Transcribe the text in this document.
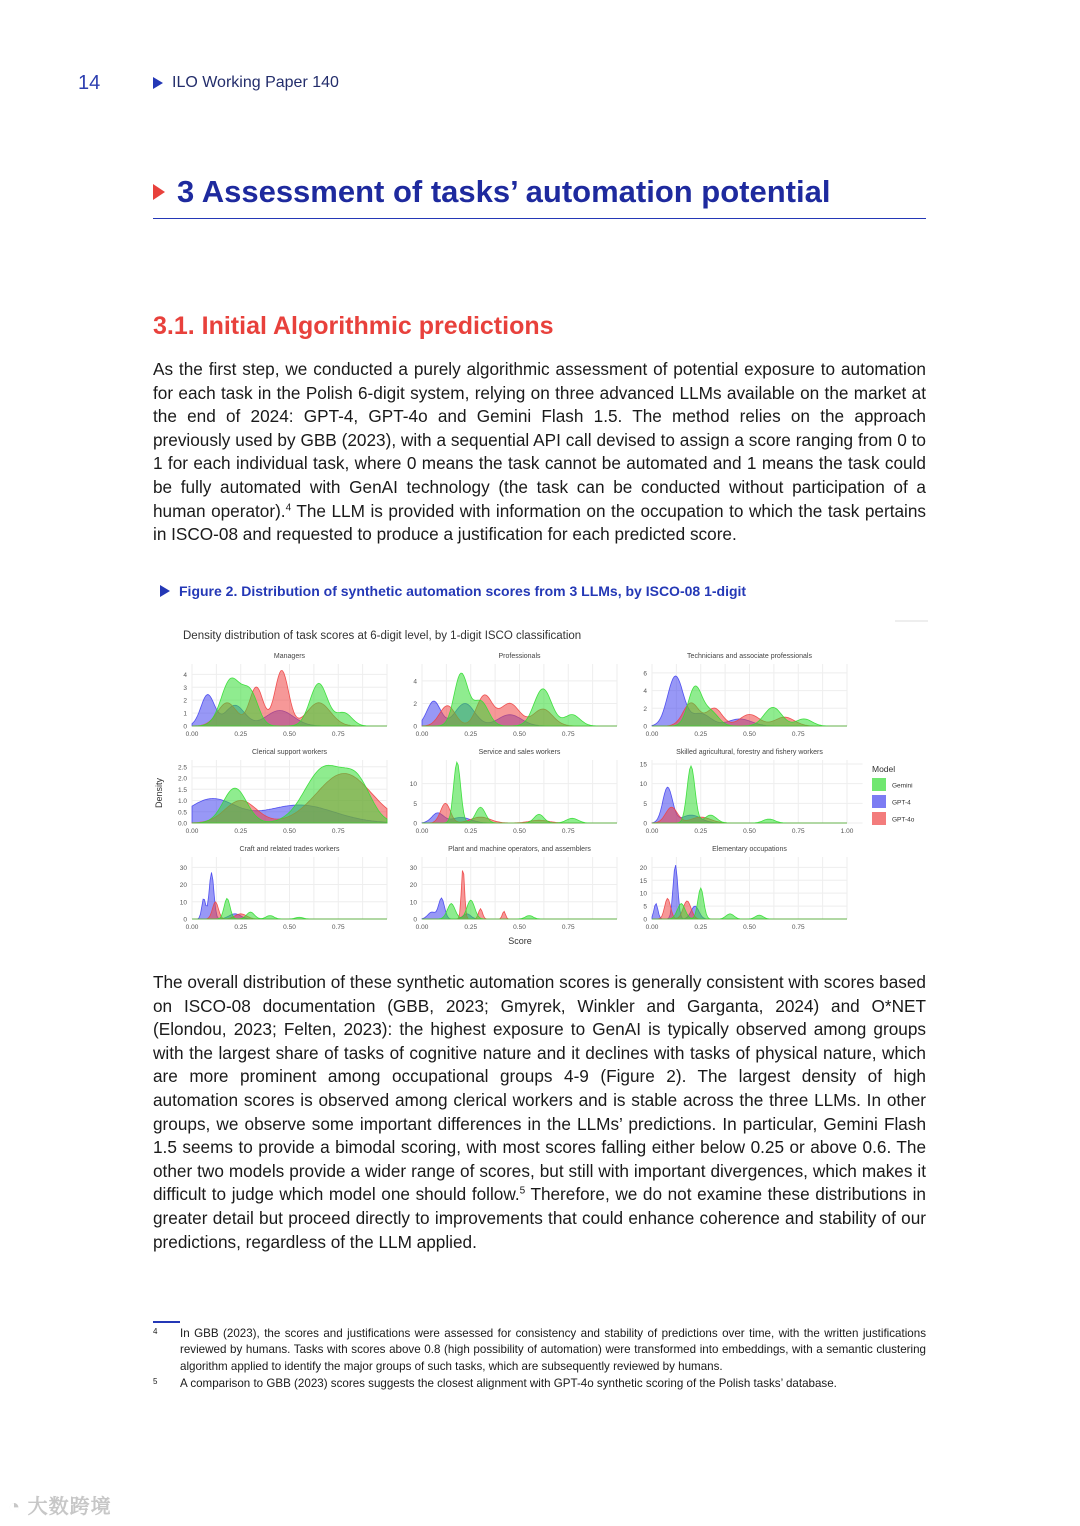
14	ILO Working Paper 140
3 Assessment of tasks’ automation potential
3.1. Initial Algorithmic predictions
As the first step, we conducted a purely algorithmic assessment of potential exposure to automation for each task in the Polish 6-digit system, relying on three advanced LLMs available on the market at the end of 2024: GPT-4, GPT-4o and Gemini Flash 1.5. The method relies on the approach previously used by GBB (2023), with a sequential API call devised to assign a score ranging from 0 to 1 for each individual task, where 0 means the task cannot be automated and 1 means the task could be fully automated with GenAI technology (the task can be conducted without participation of a human operator).$^4$ The LLM is provided with information on the occupation to which the task pertains in ISCO-08 and requested to produce a justification for each predicted score.
Figure 2. Distribution of synthetic automation scores from 3 LLMs, by ISCO-08 1-digit
Density distribution of task scores at 6-digit level, by 1-digit ISCO classification
Score
Density
Managers
0
1
2
3
4
0.00	0.25	0.50	0.75
Professionals
0
2
4
0.00	0.25	0.50	0.75
Technicians and associate professionals
0
2
4
6
0.00	0.25	0.50	0.75
Clerical support workers
0.0
0.5
1.0
1.5
2.0
2.5
0.00	0.25	0.50	0.75
Service and sales workers
0
5
10
0.00	0.25	0.50	0.75
Skilled agricultural, forestry and fishery workers
0
5
10
15
0.00	0.25	0.50	0.75	1.00
Craft and related trades workers
0
10
20
30
0.00	0.25	0.50	0.75
Plant and machine operators, and assemblers
0
10
20
30
0.00	0.25	0.50	0.75
Elementary occupations
0
5
10
15
20
0.00	0.25	0.50	0.75
Model
Gemini
GPT-4
GPT-4o
The overall distribution of these synthetic automation scores is generally consistent with scores based on ISCO-08 documentation (GBB, 2023; Gmyrek, Winkler and Garganta, 2024) and O*NET (Elondou, 2023; Felten, 2023): the highest exposure to GenAI is typically observed among groups with the largest share of tasks of cognitive nature and it declines with tasks of physical nature, which are more prominent among occupational groups 4-9 (Figure 2). The largest density of high automation scores is observed among clerical workers and is stable across the three LLMs. In other groups, we observe some important differences in the LLMs’ predictions. In particular, Gemini Flash 1.5 seems to provide a bimodal scoring, with most scores falling either below 0.25 or above 0.6. The other two models provide a wider range of scores, but still with important divergences, which makes it difficult to judge which model one should follow.$^5$ Therefore, we do not examine these distributions in greater detail but proceed directly to improvements that could enhance coherence and stability of our predictions, regardless of the LLM applied.
4	In GBB (2023), the scores and justifications were assessed for consistency and stability of predictions over time, with the written justifications reviewed by humans. Tasks with scores above 0.8 (high possibility of automation) were transformed into embeddings, with a semantic clustering algorithm applied to identify the major groups of such tasks, which are subsequently reviewed by humans.
5	A comparison to GBB (2023) scores suggests the closest alignment with GPT-4o synthetic scoring of the Polish tasks’ database.
◔ 大数跨境
